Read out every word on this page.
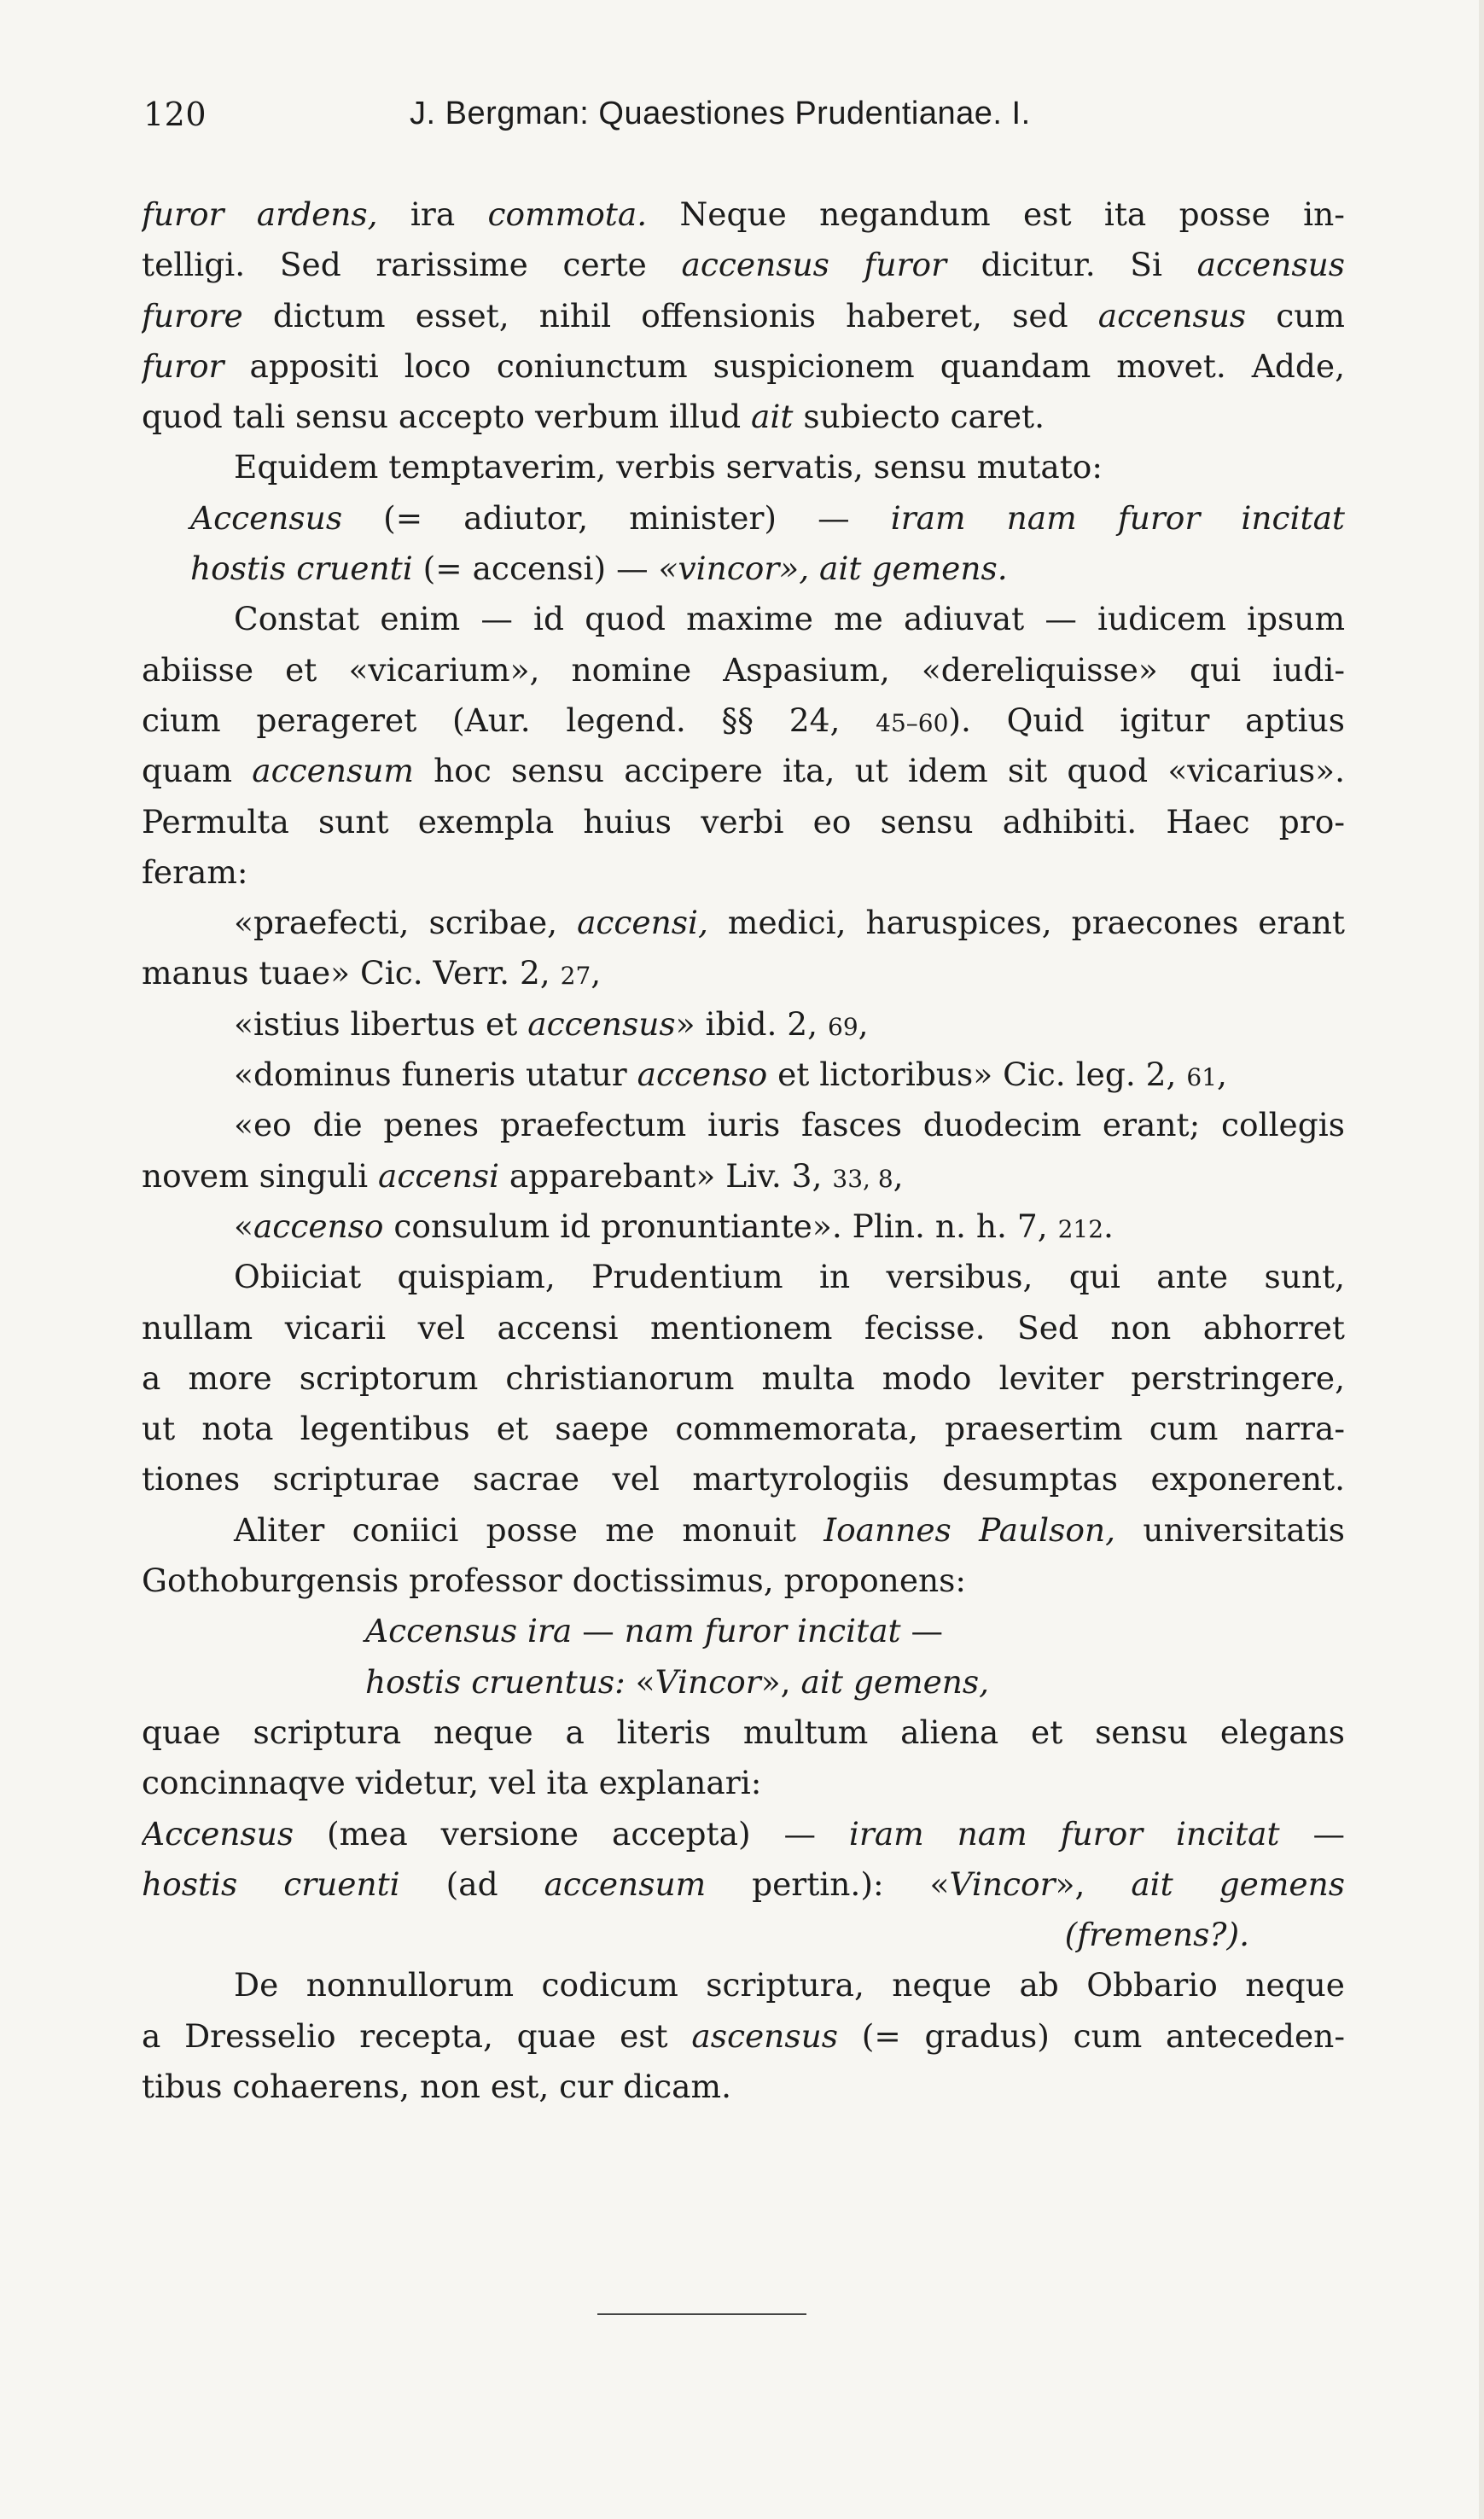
120	J. Bergman: Quaestiones Prudentianae. I.
furor ardens, ira commota. Neque negandum est ita posse in-
telligi. Sed rarissime certe accensus furor dicitur. Si accensus
furore dictum esset, nihil offensionis haberet, sed accensus cum
furor appositi loco coniunctum suspicionem quandam movet. Adde,
quod tali sensu accepto verbum illud ait subiecto caret.
Equidem temptaverim, verbis servatis, sensu mutato:
Accensus (= adiutor, minister) — iram nam furor incitat
hostis cruenti (= accensi) — «vincor», ait gemens.
Constat enim — id quod maxime me adiuvat — iudicem ipsum
abiisse et «vicarium», nomine Aspasium, «dereliquisse» qui iudi-
cium perageret (Aur. legend. §§ 24, 45–60). Quid igitur aptius
quam accensum hoc sensu accipere ita, ut idem sit quod «vicarius».
Permulta sunt exempla huius verbi eo sensu adhibiti. Haec pro-
feram:
«praefecti, scribae, accensi, medici, haruspices, praecones erant
manus tuae» Cic. Verr. 2, 27,
«istius libertus et accensus» ibid. 2, 69,
«dominus funeris utatur accenso et lictoribus» Cic. leg. 2, 61,
«eo die penes praefectum iuris fasces duodecim erant; collegis
novem singuli accensi apparebant» Liv. 3, 33, 8,
«accenso consulum id pronuntiante». Plin. n. h. 7, 212.
Obiiciat quispiam, Prudentium in versibus, qui ante sunt,
nullam vicarii vel accensi mentionem fecisse. Sed non abhorret
a more scriptorum christianorum multa modo leviter perstringere,
ut nota legentibus et saepe commemorata, praesertim cum narra-
tiones scripturae sacrae vel martyrologiis desumptas exponerent.
Aliter coniici posse me monuit Ioannes Paulson, universitatis
Gothoburgensis professor doctissimus, proponens:
Accensus ira — nam furor incitat —
hostis cruentus: «Vincor», ait gemens,
quae scriptura neque a literis multum aliena et sensu elegans
concinnaqve videtur, vel ita explanari:
Accensus (mea versione accepta) — iram nam furor incitat —
hostis cruenti (ad accensum pertin.): «Vincor», ait gemens
(fremens?).
De nonnullorum codicum scriptura, neque ab Obbario neque
a Dresselio recepta, quae est ascensus (= gradus) cum anteceden-
tibus cohaerens, non est, cur dicam.
